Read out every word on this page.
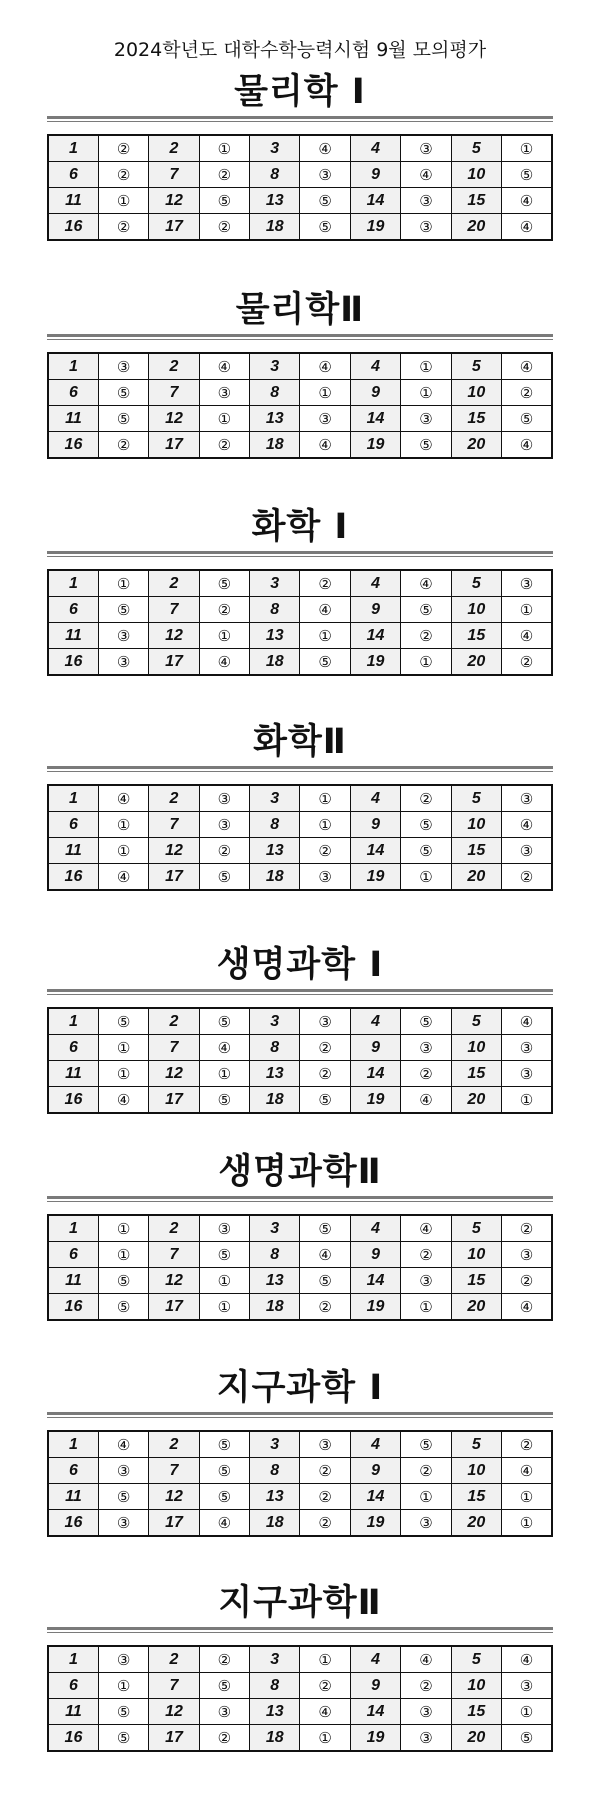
2024학년도 대학수학능력시험 9월 모의평가
물리학 I
1	②	2	①	3	④	4	③	5	①
6	②	7	②	8	③	9	④	10	⑤
11	①	12	⑤	13	⑤	14	③	15	④
16	②	17	②	18	⑤	19	③	20	④
물리학Ⅱ
1	③	2	④	3	④	4	①	5	④
6	⑤	7	③	8	①	9	①	10	②
11	⑤	12	①	13	③	14	③	15	⑤
16	②	17	②	18	④	19	⑤	20	④
화학 I
1	①	2	⑤	3	②	4	④	5	③
6	⑤	7	②	8	④	9	⑤	10	①
11	③	12	①	13	①	14	②	15	④
16	③	17	④	18	⑤	19	①	20	②
화학Ⅱ
1	④	2	③	3	①	4	②	5	③
6	①	7	③	8	①	9	⑤	10	④
11	①	12	②	13	②	14	⑤	15	③
16	④	17	⑤	18	③	19	①	20	②
생명과학 I
1	⑤	2	⑤	3	③	4	⑤	5	④
6	①	7	④	8	②	9	③	10	③
11	①	12	①	13	②	14	②	15	③
16	④	17	⑤	18	⑤	19	④	20	①
생명과학Ⅱ
1	①	2	③	3	⑤	4	④	5	②
6	①	7	⑤	8	④	9	②	10	③
11	⑤	12	①	13	⑤	14	③	15	②
16	⑤	17	①	18	②	19	①	20	④
지구과학 I
1	④	2	⑤	3	③	4	⑤	5	②
6	③	7	⑤	8	②	9	②	10	④
11	⑤	12	⑤	13	②	14	①	15	①
16	③	17	④	18	②	19	③	20	①
지구과학Ⅱ
1	③	2	②	3	①	4	④	5	④
6	①	7	⑤	8	②	9	②	10	③
11	⑤	12	③	13	④	14	③	15	①
16	⑤	17	②	18	①	19	③	20	⑤
